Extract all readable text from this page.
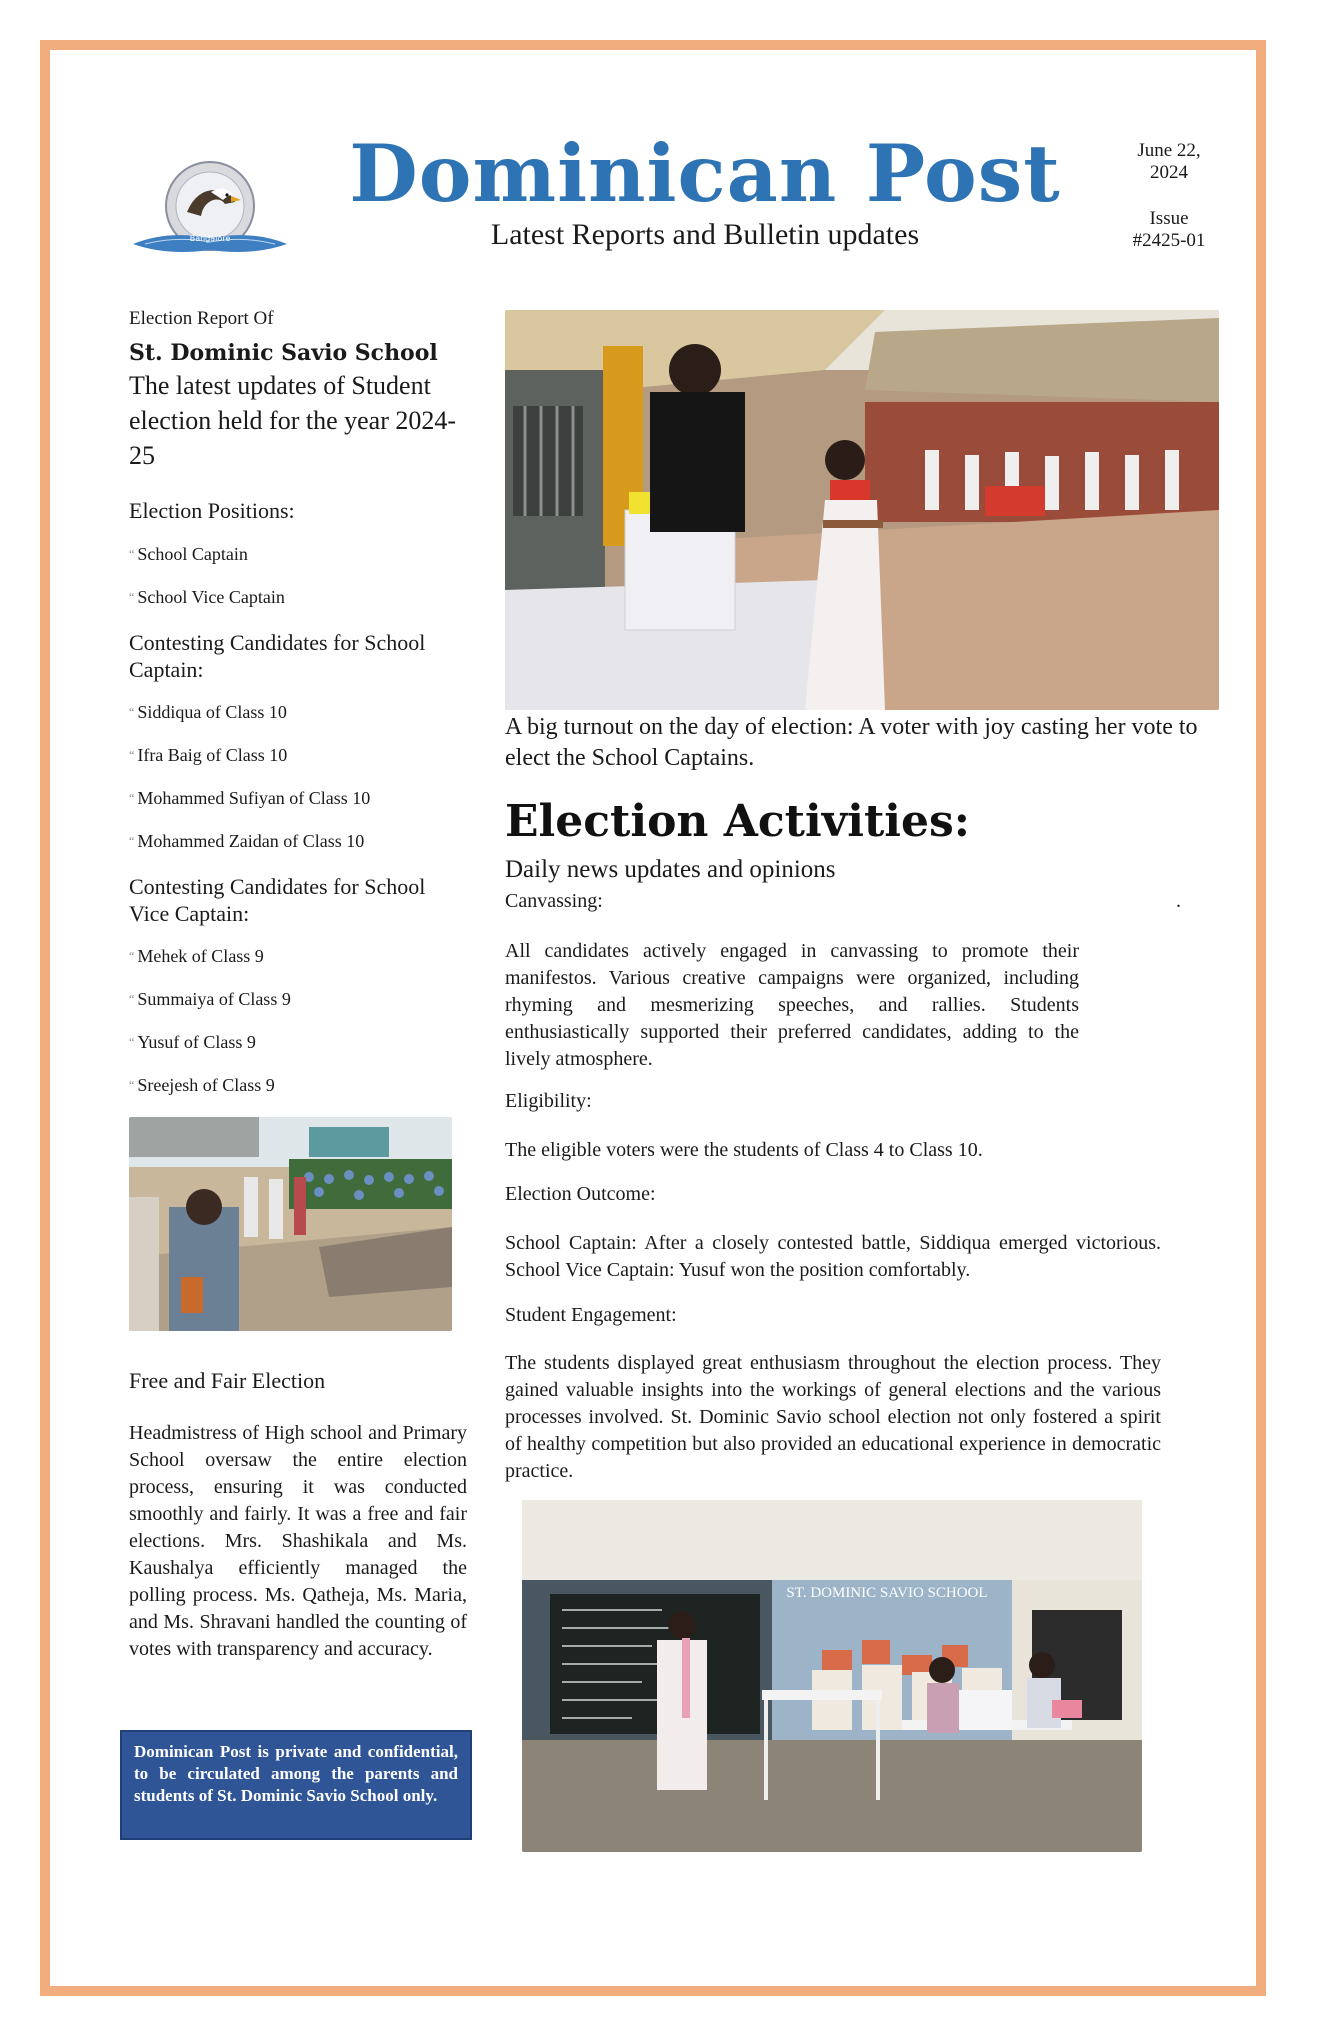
Bangalore
Dominican Post
Latest Reports and Bulletin updates
June 22,
2024
Issue
#2425-01
Election Report Of
St. Dominic Savio School
The latest updates of Student election held for the year 2024-25
Election Positions:

“ School Captain

“ School Vice Captain

Contesting Candidates for School Captain:

“ Siddiqua of Class 10

“ Ifra Baig of Class 10

“ Mohammed Sufiyan of Class 10

“ Mohammed Zaidan of Class 10

Contesting Candidates for School Vice Captain:

“ Mehek of Class 9

“ Summaiya of Class 9

“ Yusuf of Class 9

“ Sreejesh of Class 9

Free and Fair Election
Headmistress of High school and Primary School oversaw the entire election process, ensuring it was conducted smoothly and fairly. It was a free and fair elections. Mrs. Shashikala and Ms. Kaushalya efficiently managed the polling process. Ms. Qatheja, Ms. Maria, and Ms. Shravani handled the counting of votes with transparency and accuracy.
Dominican Post is private and confidential, to be circulated among the parents and students of St. Dominic Savio School only.
A big turnout on the day of election: A voter with joy casting her vote to elect the School Captains.
Election Activities:
Daily news updates and opinions
Canvassing:	.
All candidates actively engaged in canvassing to promote their manifestos. Various creative campaigns were organized, including rhyming and mesmerizing speeches, and rallies. Students enthusiastically supported their preferred candidates, adding to the lively atmosphere.
Eligibility:
The eligible voters were the students of Class 4 to Class 10.
Election Outcome:
School Captain: After a closely contested battle, Siddiqua emerged victorious. School Vice Captain: Yusuf won the position comfortably.
Student Engagement:
The students displayed great enthusiasm throughout the election process. They gained valuable insights into the workings of general elections and the various processes involved. St. Dominic Savio school election not only fostered a spirit of healthy competition but also provided an educational experience in democratic practice.
ST. DOMINIC SAVIO SCHOOL
